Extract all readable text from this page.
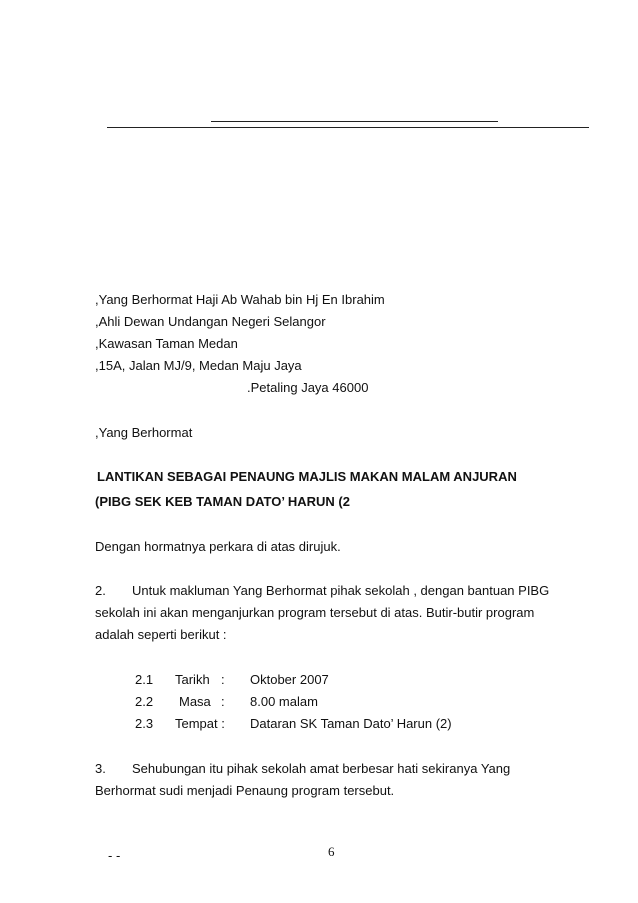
,Yang Berhormat Haji Ab Wahab bin Hj En Ibrahim
,Ahli Dewan Undangan Negeri Selangor
,Kawasan Taman Medan
,15A, Jalan MJ/9, Medan Maju Jaya
.Petaling Jaya 46000
,Yang Berhormat
LANTIKAN SEBAGAI PENAUNG MAJLIS MAKAN MALAM ANJURAN
(PIBG SEK KEB TAMAN DATO’ HARUN (2
Dengan hormatnya perkara di atas dirujuk.
2. Untuk makluman Yang Berhormat pihak sekolah , dengan bantuan PIBG
sekolah ini akan menganjurkan program tersebut di atas. Butir-butir program
adalah seperti berikut :
2.1 Tarikh : Oktober 2007
2.2 Masa : 8.00 malam
2.3 Tempat : Dataran SK Taman Dato’ Harun (2)
3. Sehubungan itu pihak sekolah amat berbesar hati sekiranya Yang
Berhormat sudi menjadi Penaung program tersebut.
- -	6
